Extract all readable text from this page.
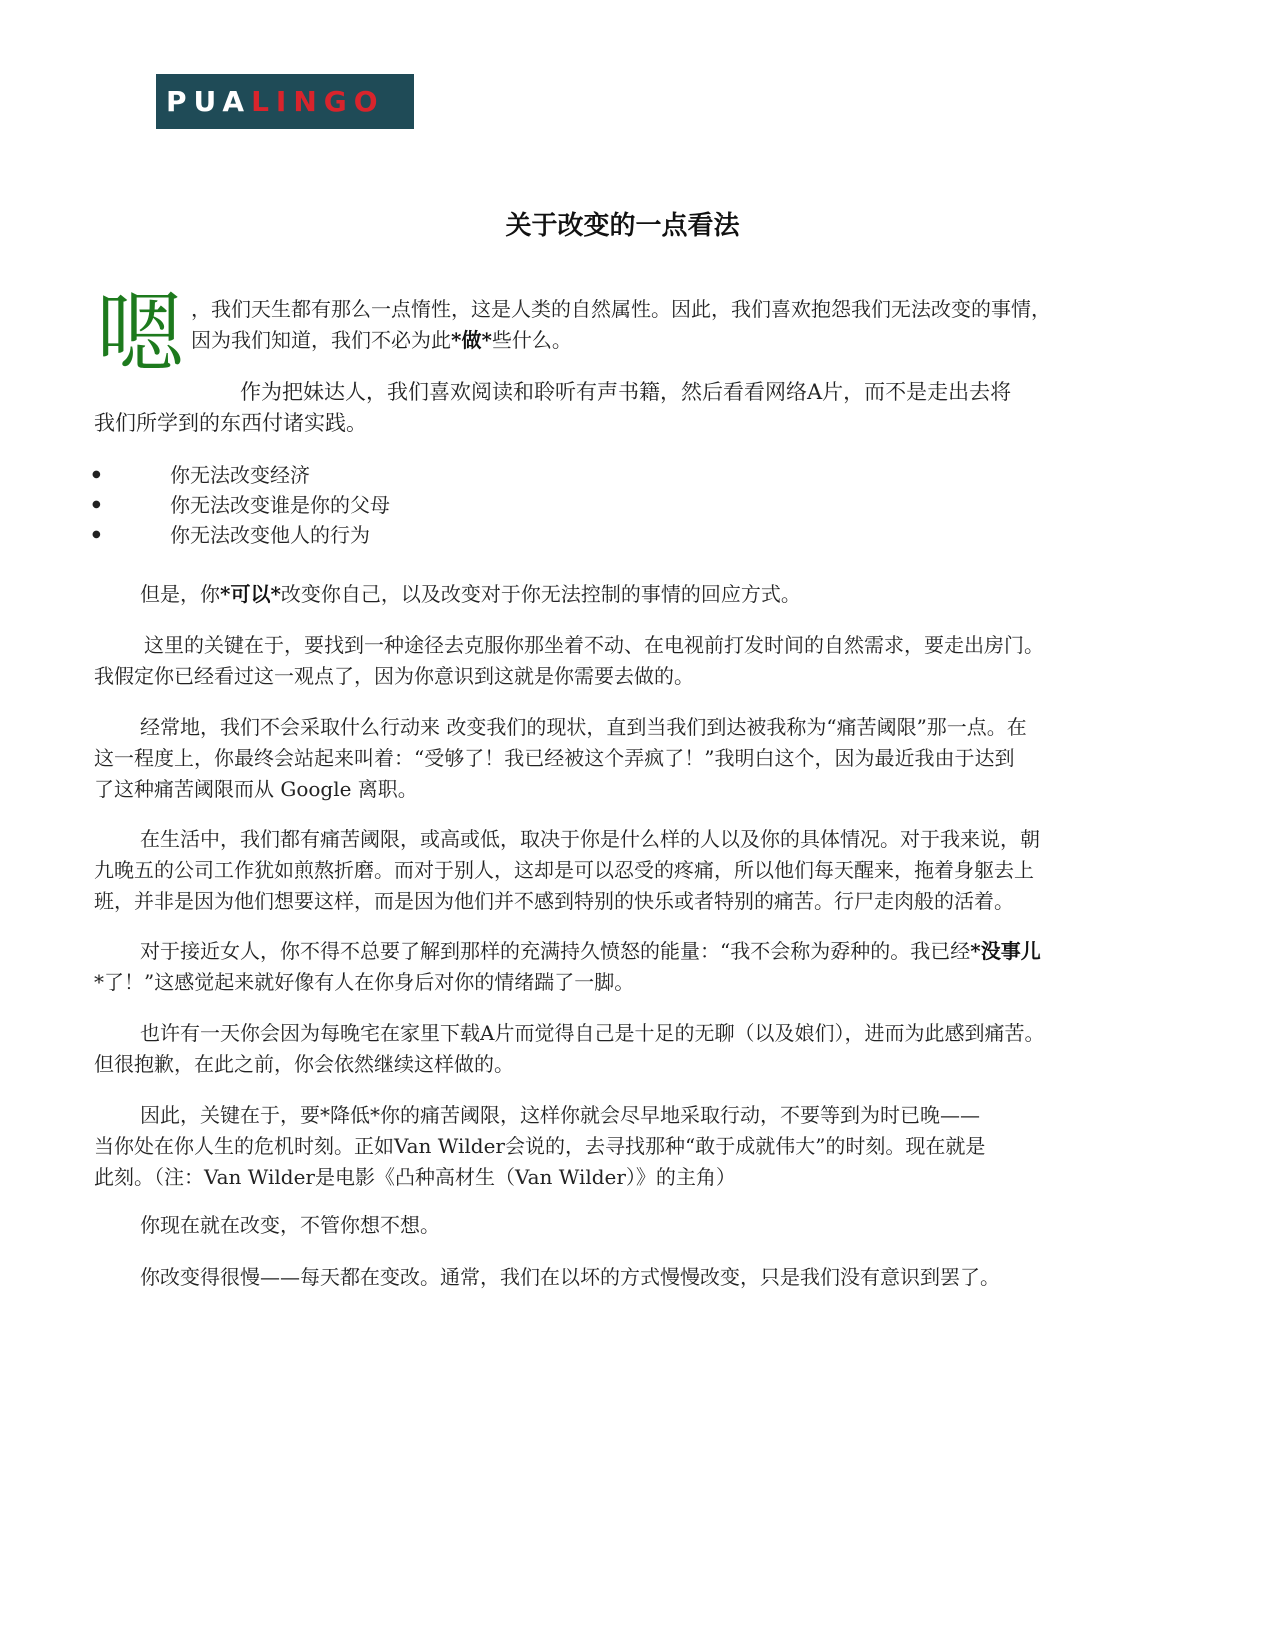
PUA LINGO
关于改变的一点看法
嗯 ，我们天生都有那么一点惰性，这是人类的自然属性。因此，我们喜欢抱怨我们无法改变的事情，
因为我们知道，我们不必为此*做*些什么。

作为把妹达人，我们喜欢阅读和聆听有声书籍，然后看看网络A片，而不是走出去将
我们所学到的东西付诸实践。

● 你无法改变经济
● 你无法改变谁是你的父母
● 你无法改变他人的行为

但是，你*可以*改变你自己，以及改变对于你无法控制的事情的回应方式。

这里的关键在于，要找到一种途径去克服你那坐着不动、在电视前打发时间的自然需求，要走出房门。
我假定你已经看过这一观点了，因为你意识到这就是你需要去做的。

经常地，我们不会采取什么行动来 改变我们的现状，直到当我们到达被我称为“痛苦阈限”那一点。在
这一程度上，你最终会站起来叫着：“受够了！我已经被这个弄疯了！”我明白这个，因为最近我由于达到
了这种痛苦阈限而从 Google 离职。

在生活中，我们都有痛苦阈限，或高或低，取决于你是什么样的人以及你的具体情况。对于我来说，朝
九晚五的公司工作犹如煎熬折磨。而对于别人，这却是可以忍受的疼痛，所以他们每天醒来，拖着身躯去上
班，并非是因为他们想要这样，而是因为他们并不感到特别的快乐或者特别的痛苦。行尸走肉般的活着。

对于接近女人，你不得不总要了解到那样的充满持久愤怒的能量：“我不会称为孬种的。我已经*没事儿
*了！”这感觉起来就好像有人在你身后对你的情绪踹了一脚。

也许有一天你会因为每晚宅在家里下载A片而觉得自己是十足的无聊（以及娘们），进而为此感到痛苦。
但很抱歉，在此之前，你会依然继续这样做的。

因此，关键在于，要*降低*你的痛苦阈限，这样你就会尽早地采取行动，不要等到为时已晚——
当你处在你人生的危机时刻。正如Van Wilder会说的，去寻找那种“敢于成就伟大”的时刻。现在就是
此刻。（注：Van Wilder是电影《凸种高材生（Van Wilder）》的主角）

你现在就在改变，不管你想不想。

你改变得很慢——每天都在变改。通常，我们在以坏的方式慢慢改变，只是我们没有意识到罢了。
